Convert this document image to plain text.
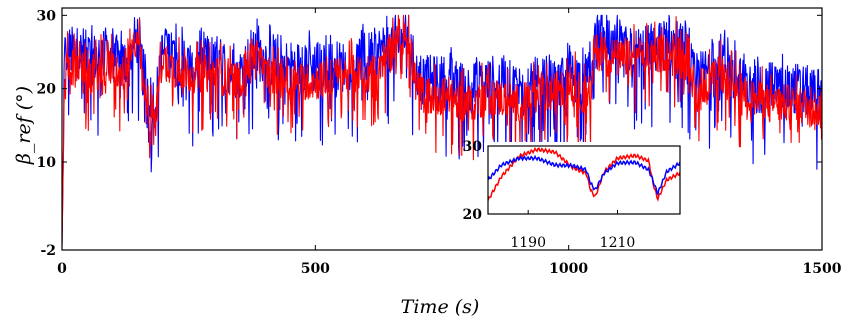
0	500	1000	1500
-2
10
20
30
1190	1210
20
30
Time (s)
β_ref (°)
